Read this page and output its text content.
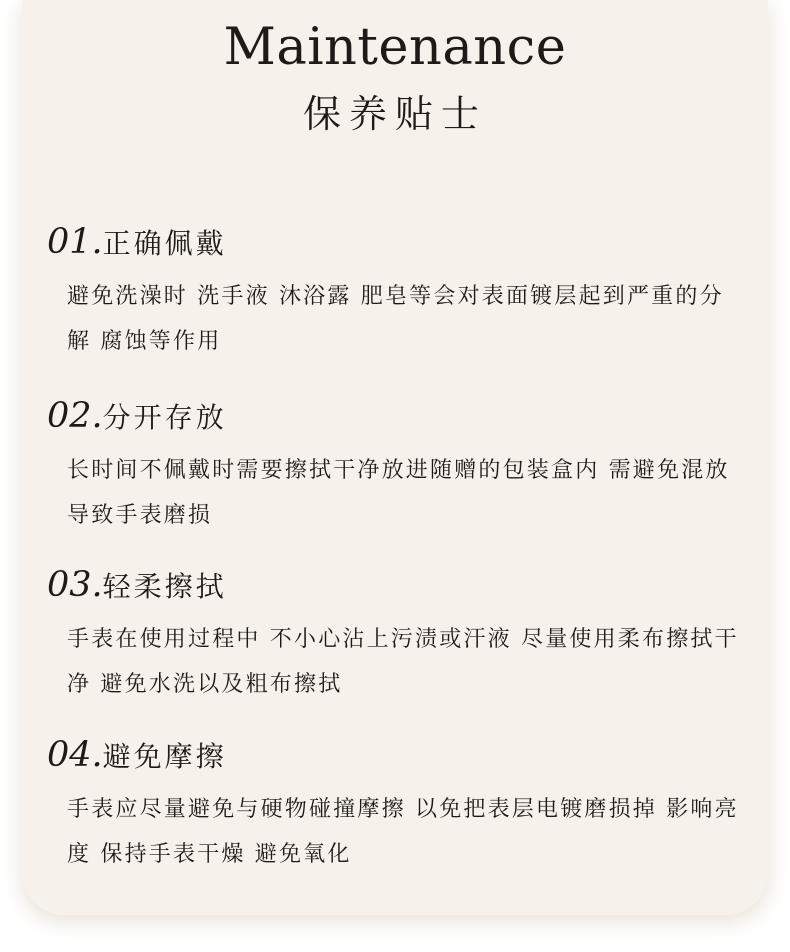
Maintenance
保养贴士
01.正确佩戴
避免洗澡时 洗手液 沐浴露 肥皂等会对表面镀层起到严重的分解 腐蚀等作用
02.分开存放
长时间不佩戴时需要擦拭干净放进随赠的包装盒内 需避免混放导致手表磨损
03.轻柔擦拭
手表在使用过程中 不小心沾上污渍或汗液 尽量使用柔布擦拭干净 避免水洗以及粗布擦拭
04.避免摩擦
手表应尽量避免与硬物碰撞摩擦 以免把表层电镀磨损掉 影响亮度 保持手表干燥 避免氧化
